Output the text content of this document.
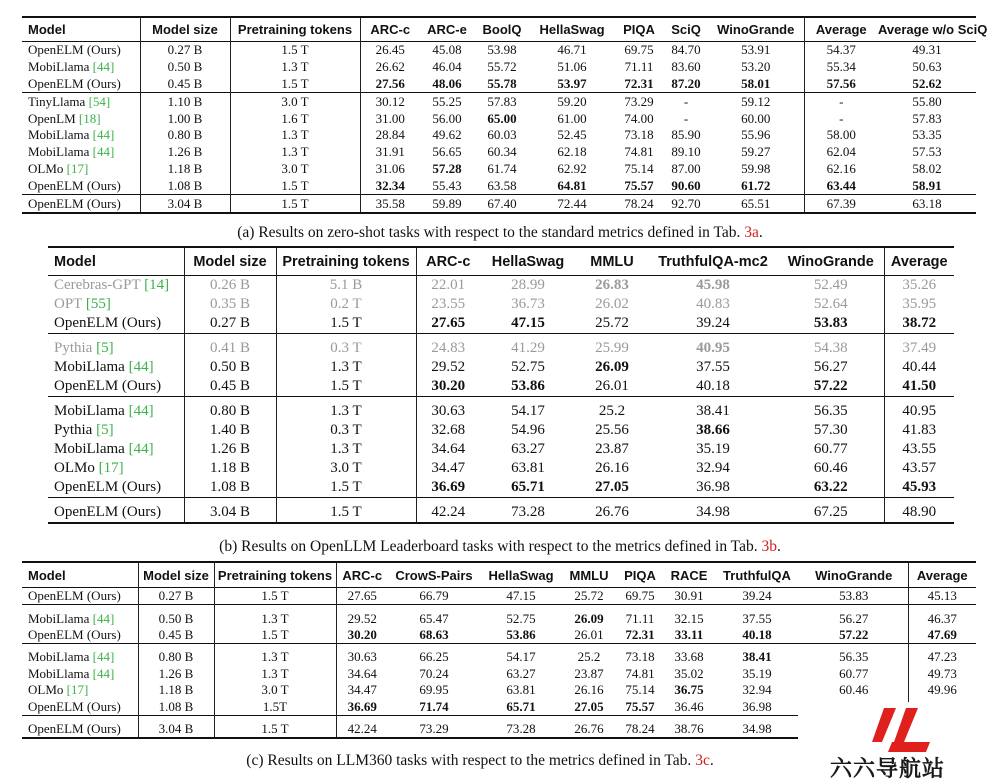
Model	Model size	Pretraining tokens	ARC-c	ARC-e	BoolQ	HellaSwag	PIQA	SciQ	WinoGrande	Average	Average w/o SciQ
OpenELM (Ours)	0.27 B	1.5 T	26.45	45.08	53.98	46.71	69.75	84.70	53.91	54.37	49.31
MobiLlama [44]	0.50 B	1.3 T	26.62	46.04	55.72	51.06	71.11	83.60	53.20	55.34	50.63
OpenELM (Ours)	0.45 B	1.5 T	27.56	48.06	55.78	53.97	72.31	87.20	58.01	57.56	52.62
TinyLlama [54]	1.10 B	3.0 T	30.12	55.25	57.83	59.20	73.29	-	59.12	-	55.80
OpenLM [18]	1.00 B	1.6 T	31.00	56.00	65.00	61.00	74.00	-	60.00	-	57.83
MobiLlama [44]	0.80 B	1.3 T	28.84	49.62	60.03	52.45	73.18	85.90	55.96	58.00	53.35
MobiLlama [44]	1.26 B	1.3 T	31.91	56.65	60.34	62.18	74.81	89.10	59.27	62.04	57.53
OLMo [17]	1.18 B	3.0 T	31.06	57.28	61.74	62.92	75.14	87.00	59.98	62.16	58.02
OpenELM (Ours)	1.08 B	1.5 T	32.34	55.43	63.58	64.81	75.57	90.60	61.72	63.44	58.91
OpenELM (Ours)	3.04 B	1.5 T	35.58	59.89	67.40	72.44	78.24	92.70	65.51	67.39	63.18
(a) Results on zero-shot tasks with respect to the standard metrics defined in Tab. 3a.
Model	Model size	Pretraining tokens	ARC-c	HellaSwag	MMLU	TruthfulQA-mc2	WinoGrande	Average
Cerebras-GPT [14]	0.26 B	5.1 B	22.01	28.99	26.83	45.98	52.49	35.26
OPT [55]	0.35 B	0.2 T	23.55	36.73	26.02	40.83	52.64	35.95
OpenELM (Ours)	0.27 B	1.5 T	27.65	47.15	25.72	39.24	53.83	38.72

Pythia [5]	0.41 B	0.3 T	24.83	41.29	25.99	40.95	54.38	37.49
MobiLlama [44]	0.50 B	1.3 T	29.52	52.75	26.09	37.55	56.27	40.44
OpenELM (Ours)	0.45 B	1.5 T	30.20	53.86	26.01	40.18	57.22	41.50

MobiLlama [44]	0.80 B	1.3 T	30.63	54.17	25.2	38.41	56.35	40.95
Pythia [5]	1.40 B	0.3 T	32.68	54.96	25.56	38.66	57.30	41.83
MobiLlama [44]	1.26 B	1.3 T	34.64	63.27	23.87	35.19	60.77	43.55
OLMo [17]	1.18 B	3.0 T	34.47	63.81	26.16	32.94	60.46	43.57
OpenELM (Ours)	1.08 B	1.5 T	36.69	65.71	27.05	36.98	63.22	45.93

OpenELM (Ours)	3.04 B	1.5 T	42.24	73.28	26.76	34.98	67.25	48.90
(b) Results on OpenLLM Leaderboard tasks with respect to the metrics defined in Tab. 3b.
Model	Model size	Pretraining tokens	ARC-c	CrowS-Pairs	HellaSwag	MMLU	PIQA	RACE	TruthfulQA	WinoGrande	Average
OpenELM (Ours)	0.27 B	1.5 T	27.65	66.79	47.15	25.72	69.75	30.91	39.24	53.83	45.13

MobiLlama [44]	0.50 B	1.3 T	29.52	65.47	52.75	26.09	71.11	32.15	37.55	56.27	46.37
OpenELM (Ours)	0.45 B	1.5 T	30.20	68.63	53.86	26.01	72.31	33.11	40.18	57.22	47.69

MobiLlama [44]	0.80 B	1.3 T	30.63	66.25	54.17	25.2	73.18	33.68	38.41	56.35	47.23
MobiLlama [44]	1.26 B	1.3 T	34.64	70.24	63.27	23.87	74.81	35.02	35.19	60.77	49.73
OLMo [17]	1.18 B	3.0 T	34.47	69.95	63.81	26.16	75.14	36.75	32.94	60.46	49.96
OpenELM (Ours)	1.08 B	1.5T	36.69	71.74	65.71	27.05	75.57	36.46	36.98		

OpenELM (Ours)	3.04 B	1.5 T	42.24	73.29	73.28	26.76	78.24	38.76	34.98		
(c) Results on LLM360 tasks with respect to the metrics defined in Tab. 3c.	六六导航站
